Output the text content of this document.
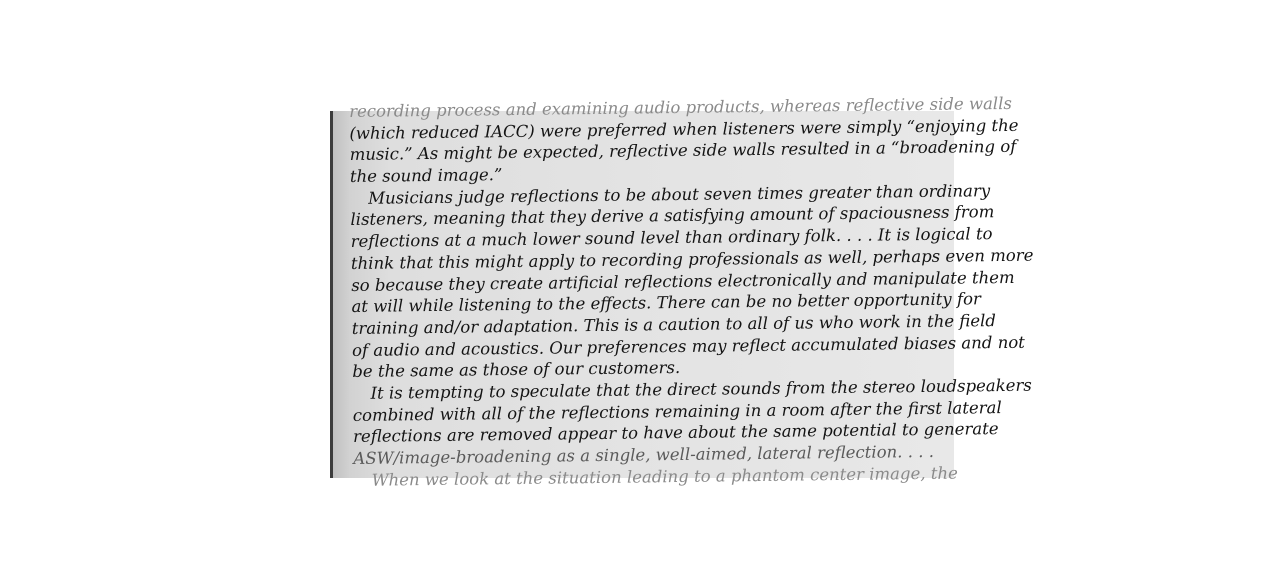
recording process and examining audio products, whereas reflective side walls
(which reduced IACC) were preferred when listeners were simply “enjoying the
music.” As might be expected, reflective side walls resulted in a “broadening of
the sound image.”
Musicians judge reflections to be about seven times greater than ordinary
listeners, meaning that they derive a satisfying amount of spaciousness from
reflections at a much lower sound level than ordinary folk. . . . It is logical to
think that this might apply to recording professionals as well, perhaps even more
so because they create artificial reflections electronically and manipulate them
at will while listening to the effects. There can be no better opportunity for
training and/or adaptation. This is a caution to all of us who work in the field
of audio and acoustics. Our preferences may reflect accumulated biases and not
be the same as those of our customers.
It is tempting to speculate that the direct sounds from the stereo loudspeakers
combined with all of the reflections remaining in a room after the first lateral
reflections are removed appear to have about the same potential to generate
ASW/image-broadening as a single, well-aimed, lateral reflection. . . .
When we look at the situation leading to a phantom center image, the
